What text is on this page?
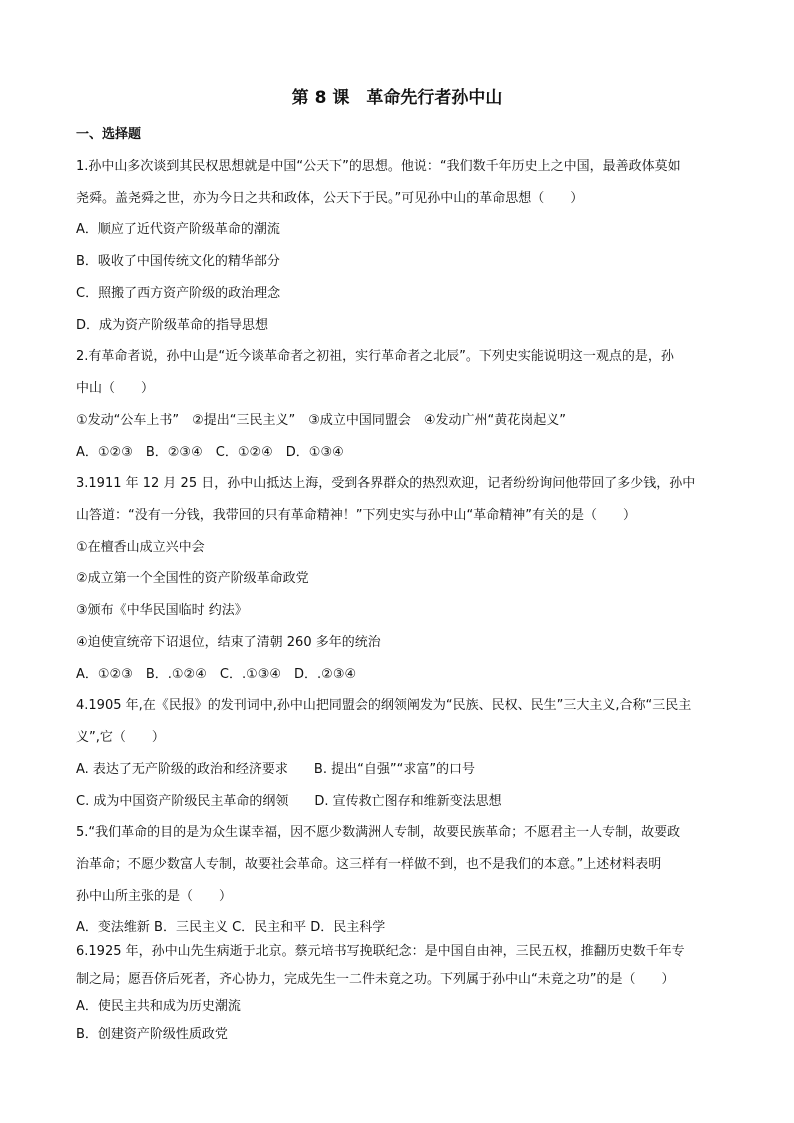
第 8 课　革命先行者孙中山
一、选择题
1.孙中山多次谈到其民权思想就是中国“公天下”的思想。他说：“我们数千年历史上之中国，最善政体莫如
尧舜。盖尧舜之世，亦为今日之共和政体，公天下于民。”可见孙中山的革命思想（　　）
A．顺应了近代资产阶级革命的潮流
B．吸收了中国传统文化的精华部分
C．照搬了西方资产阶级的政治理念
D．成为资产阶级革命的指导思想
2.有革命者说，孙中山是“近今谈革命者之初祖，实行革命者之北辰”。下列史实能说明这一观点的是，孙
中山（　　）
①发动“公车上书”　②提出“三民主义”　③成立中国同盟会　④发动广州“黄花岗起义”
A．①②③　B．②③④　C．①②④　D．①③④
3.1911 年 12 月 25 日，孙中山抵达上海，受到各界群众的热烈欢迎，记者纷纷询问他带回了多少钱，孙中
山答道：“没有一分钱，我带回的只有革命精神！”下列史实与孙中山“革命精神”有关的是（　　）
①在檀香山成立兴中会
②成立第一个全国性的资产阶级革命政党
③颁布《中华民国临时 约法》
④迫使宣统帝下诏退位，结束了清朝 260 多年的统治
A．①②③　B．.①②④　C．.①③④　D．.②③④
4.1905 年,在《民报》的发刊词中,孙中山把同盟会的纲领阐发为“民族、民权、民生”三大主义,合称“三民主
义”,它（　　）
A. 表达了无产阶级的政治和经济要求　　B. 提出“自强”“求富”的口号
C. 成为中国资产阶级民主革命的纲领　　D. 宣传救亡图存和维新变法思想
5.“我们革命的目的是为众生谋幸福，因不愿少数满洲人专制，故要民族革命；不愿君主一人专制，故要政
治革命；不愿少数富人专制，故要社会革命。这三样有一样做不到，也不是我们的本意。”上述材料表明
孙中山所主张的是（　　）
A．变法维新 B．三民主义 C．民主和平 D．民主科学
6.1925 年，孙中山先生病逝于北京。蔡元培书写挽联纪念：是中国自由神，三民五权，推翻历史数千年专
制之局；愿吾侪后死者，齐心协力，完成先生一二件未竟之功。下列属于孙中山“未竟之功”的是（　　）
A．使民主共和成为历史潮流
B．创建资产阶级性质政党
